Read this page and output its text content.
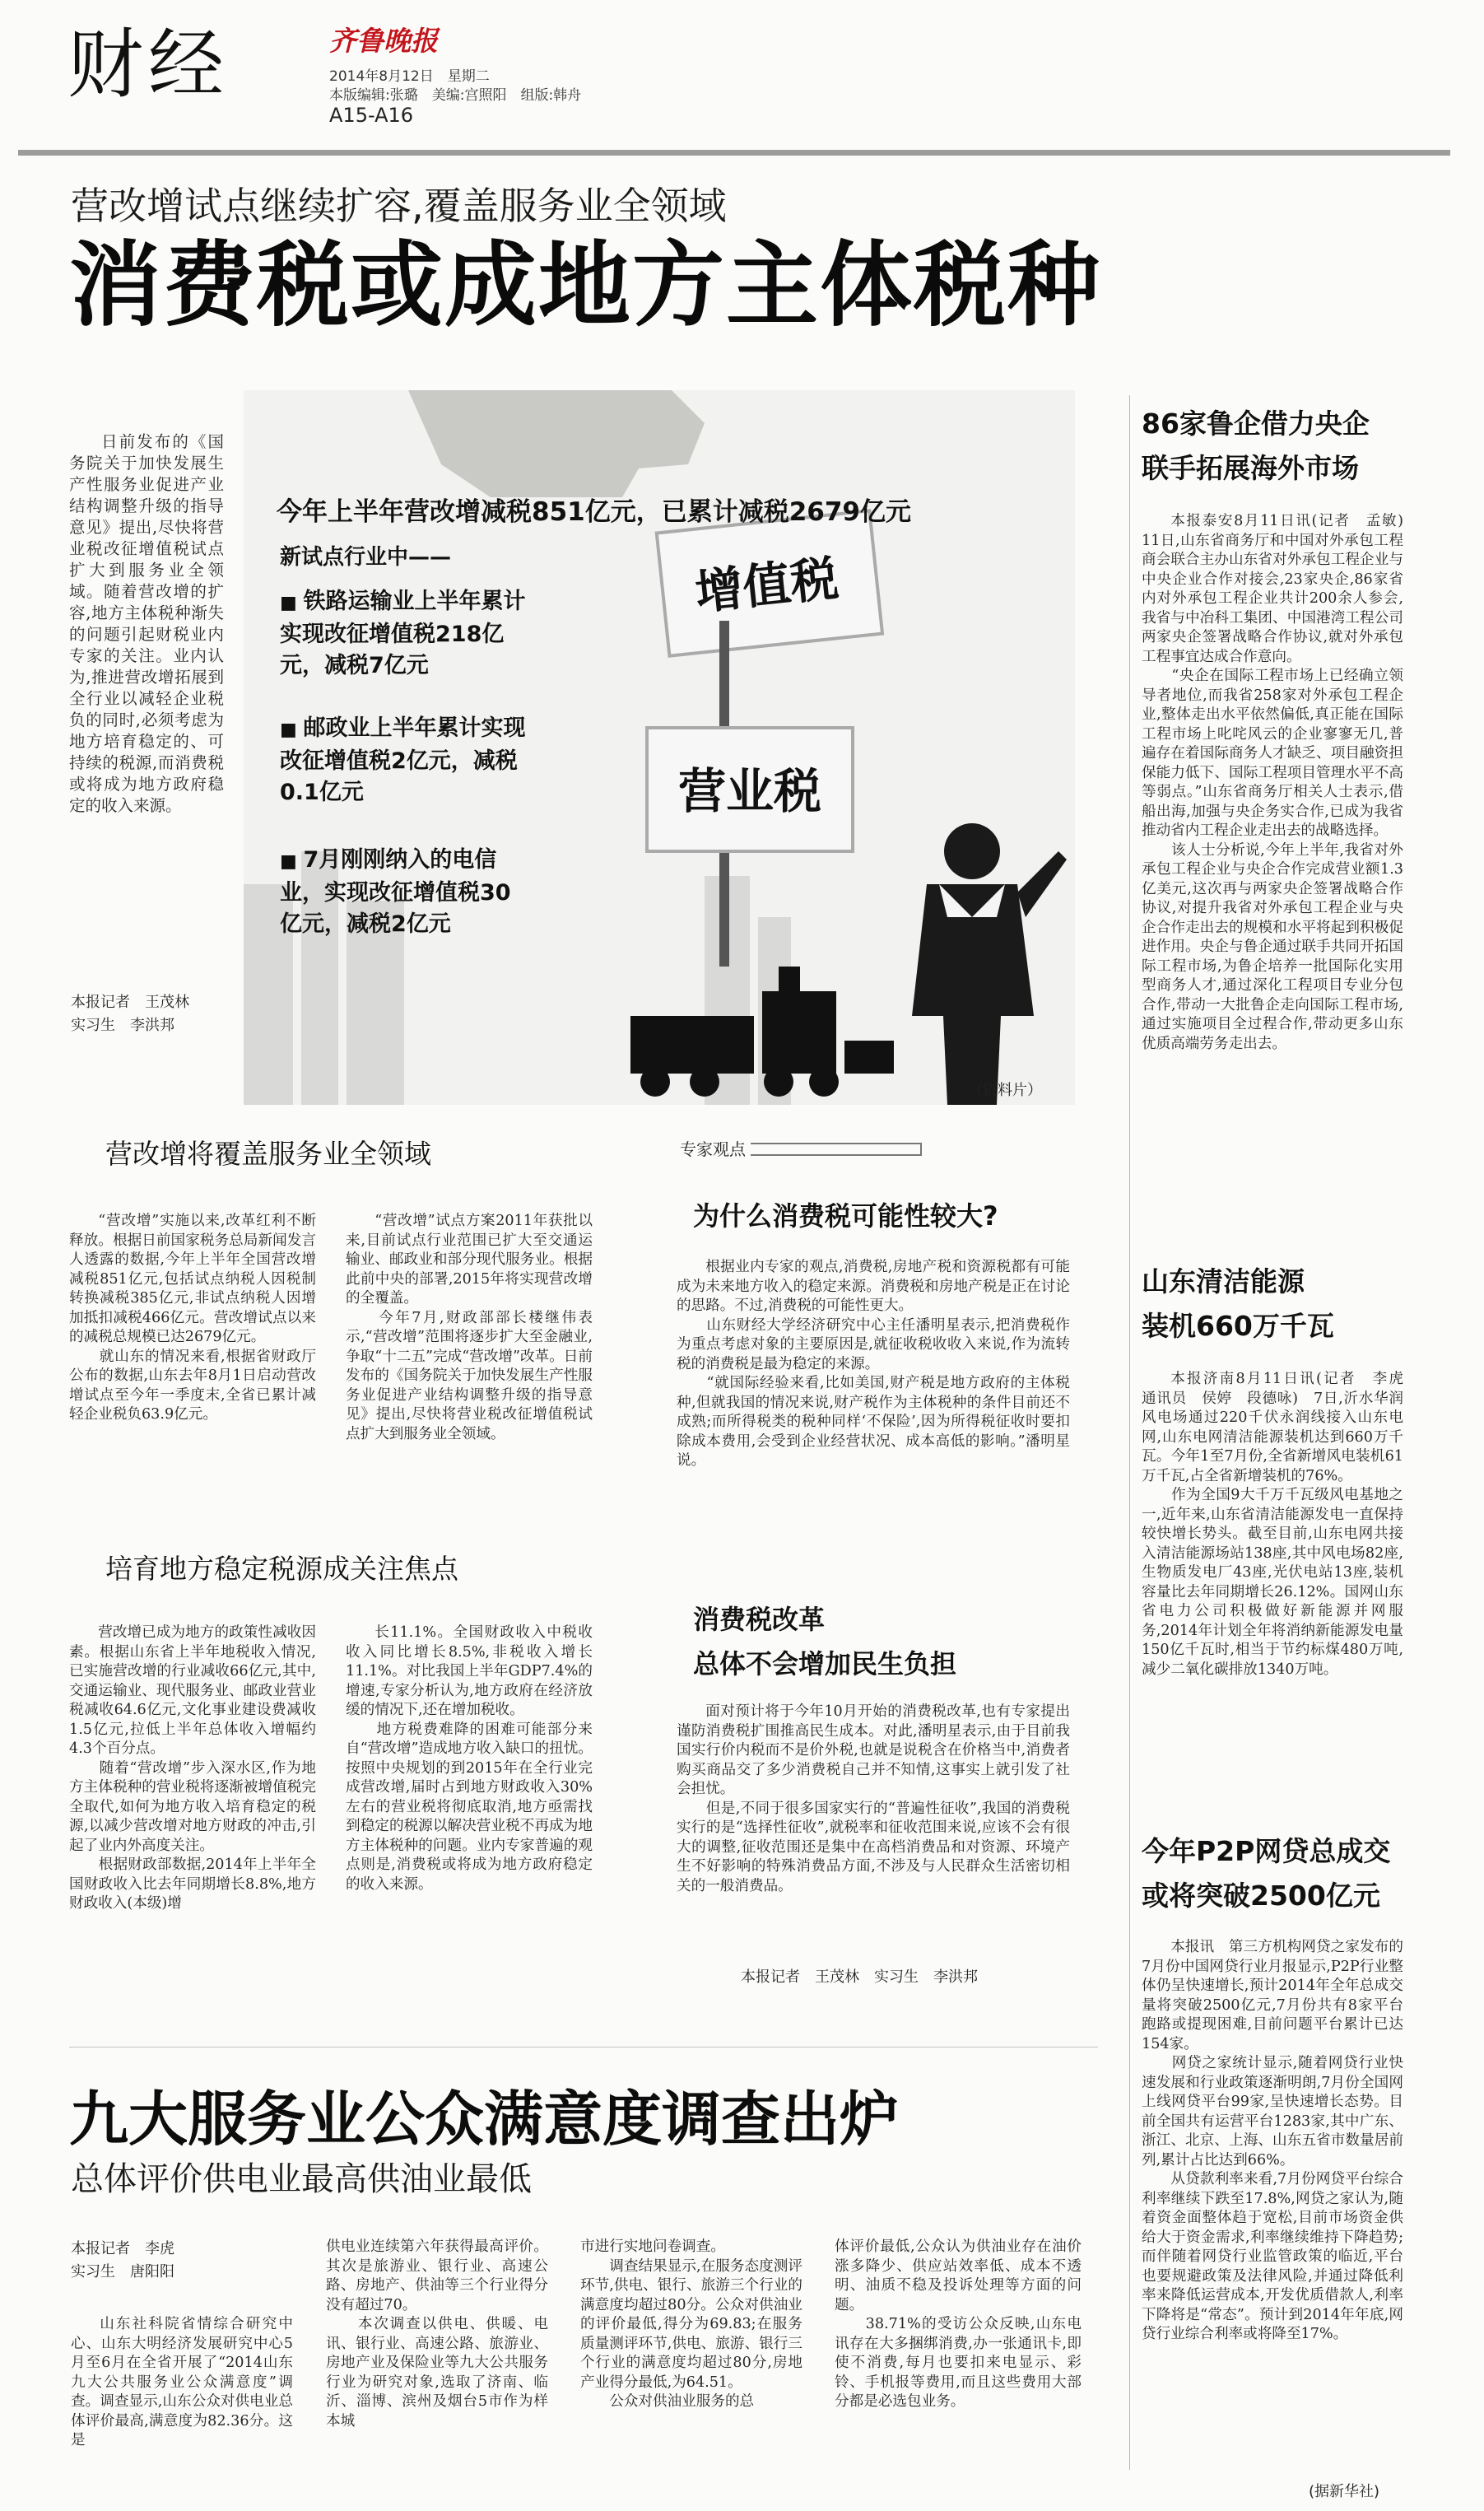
财经	齐鲁晚报
2014年8月12日　星期二
本版编辑:张璐　美编:宫照阳　组版:韩舟
A15-A16
营改增试点继续扩容,覆盖服务业全领域
消费税或成地方主体税种
日前发布的《国务院关于加快发展生产性服务业促进产业结构调整升级的指导意见》提出,尽快将营业税改征增值税试点扩大到服务业全领域。随着营改增的扩容,地方主体税种渐失的问题引起财税业内专家的关注。业内认为,推进营改增拓展到全行业以减轻企业税负的同时,必须考虑为地方培育稳定的、可持续的税源,而消费税或将成为地方政府稳定的收入来源。
本报记者　王茂林
实习生　李洪邦
今年上半年营改增减税851亿元，已累计减税2679亿元
新试点行业中——
■ 铁路运输业上半年累计实现改征增值税218亿元，减税7亿元
■ 邮政业上半年累计实现改征增值税2亿元，减税0.1亿元
■ 7月刚刚纳入的电信业，实现改征增值税30亿元，减税2亿元
增值税
营业税
（资料片）
营改增将覆盖服务业全领域
“营改增”实施以来,改革红利不断释放。根据日前国家税务总局新闻发言人透露的数据,今年上半年全国营改增减税851亿元,包括试点纳税人因税制转换减税385亿元,非试点纳税人因增加抵扣减税466亿元。营改增试点以来的减税总规模已达2679亿元。
　　就山东的情况来看,根据省财政厅公布的数据,山东去年8月1日启动营改增试点至今年一季度末,全省已累计减轻企业税负63.9亿元。
“营改增”试点方案2011年获批以来,目前试点行业范围已扩大至交通运输业、邮政业和部分现代服务业。根据此前中央的部署,2015年将实现营改增的全覆盖。
　　今年7月,财政部部长楼继伟表示,“营改增”范围将逐步扩大至金融业,争取“十二五”完成“营改增”改革。日前发布的《国务院关于加快发展生产性服务业促进产业结构调整升级的指导意见》提出,尽快将营业税改征增值税试点扩大到服务业全领域。
培育地方稳定税源成关注焦点
营改增已成为地方的政策性减收因素。根据山东省上半年地税收入情况,已实施营改增的行业减收66亿元,其中,交通运输业、现代服务业、邮政业营业税减收64.6亿元,文化事业建设费减收1.5亿元,拉低上半年总体收入增幅约4.3个百分点。
　　随着“营改增”步入深水区,作为地方主体税种的营业税将逐渐被增值税完全取代,如何为地方收入培育稳定的税源,以减少营改增对地方财政的冲击,引起了业内外高度关注。
　　根据财政部数据,2014年上半年全国财政收入比去年同期增长8.8%,地方财政收入(本级)增
长11.1%。全国财政收入中税收收入同比增长8.5%,非税收入增长11.1%。对比我国上半年GDP7.4%的增速,专家分析认为,地方政府在经济放缓的情况下,还在增加税收。
　　地方税费难降的困难可能部分来自“营改增”造成地方收入缺口的扭忧。按照中央规划的到2015年在全行业完成营改增,届时占到地方财政收入30%左右的营业税将彻底取消,地方亟需找到稳定的税源以解决营业税不再成为地方主体税种的问题。业内专家普遍的观点则是,消费税或将成为地方政府稳定的收入来源。
专家观点
为什么消费税可能性较大?
根据业内专家的观点,消费税,房地产税和资源税都有可能成为未来地方收入的稳定来源。消费税和房地产税是正在讨论的思路。不过,消费税的可能性更大。
　　山东财经大学经济研究中心主任潘明星表示,把消费税作为重点考虑对象的主要原因是,就征收税收收入来说,作为流转税的消费税是最为稳定的来源。
　　“就国际经验来看,比如美国,财产税是地方政府的主体税种,但就我国的情况来说,财产税作为主体税种的条件目前还不成熟;而所得税类的税种同样‘不保险’,因为所得税征收时要扣除成本费用,会受到企业经营状况、成本高低的影响。”潘明星说。
消费税改革
总体不会增加民生负担
面对预计将于今年10月开始的消费税改革,也有专家提出谨防消费税扩围推高民生成本。对此,潘明星表示,由于目前我国实行价内税而不是价外税,也就是说税含在价格当中,消费者购买商品交了多少消费税自己并不知情,这事实上就引发了社会担忧。
　　但是,不同于很多国家实行的“普遍性征收”,我国的消费税实行的是“选择性征收”,就税率和征收范围来说,应该不会有很大的调整,征收范围还是集中在高档消费品和对资源、环境产生不好影响的特殊消费品方面,不涉及与人民群众生活密切相关的一般消费品。
本报记者　王茂林　实习生　李洪邦
86家鲁企借力央企
联手拓展海外市场
本报泰安8月11日讯(记者　孟敏)　11日,山东省商务厅和中国对外承包工程商会联合主办山东省对外承包工程企业与中央企业合作对接会,23家央企,86家省内对外承包工程企业共计200余人参会,我省与中冶科工集团、中国港湾工程公司两家央企签署战略合作协议,就对外承包工程事宜达成合作意向。
　　“央企在国际工程市场上已经确立领导者地位,而我省258家对外承包工程企业,整体走出水平依然偏低,真正能在国际工程市场上叱咤风云的企业寥寥无几,普遍存在着国际商务人才缺乏、项目融资担保能力低下、国际工程项目管理水平不高等弱点。”山东省商务厅相关人士表示,借船出海,加强与央企务实合作,已成为我省推动省内工程企业走出去的战略选择。
　　该人士分析说,今年上半年,我省对外承包工程企业与央企合作完成营业额1.3亿美元,这次再与两家央企签署战略合作协议,对提升我省对外承包工程企业与央企合作走出去的规模和水平将起到积极促进作用。央企与鲁企通过联手共同开拓国际工程市场,为鲁企培养一批国际化实用型商务人才,通过深化工程项目专业分包合作,带动一大批鲁企走向国际工程市场,通过实施项目全过程合作,带动更多山东优质高端劳务走出去。
山东清洁能源
装机660万千瓦
本报济南8月11日讯(记者　李虎　通讯员　侯婷　段德咏)　7日,沂水华润风电场通过220千伏永润线接入山东电网,山东电网清洁能源装机达到660万千瓦。今年1至7月份,全省新增风电装机61万千瓦,占全省新增装机的76%。
　　作为全国9大千万千瓦级风电基地之一,近年来,山东省清洁能源发电一直保持较快增长势头。截至目前,山东电网共接入清洁能源场站138座,其中风电场82座,生物质发电厂43座,光伏电站13座,装机容量比去年同期增长26.12%。国网山东省电力公司积极做好新能源并网服务,2014年计划全年将消纳新能源发电量150亿千瓦时,相当于节约标煤480万吨,减少二氧化碳排放1340万吨。
今年P2P网贷总成交
或将突破2500亿元
本报讯　第三方机构网贷之家发布的7月份中国网贷行业月报显示,P2P行业整体仍呈快速增长,预计2014年全年总成交量将突破2500亿元,7月份共有8家平台跑路或提现困难,目前问题平台累计已达154家。
　　网贷之家统计显示,随着网贷行业快速发展和行业政策逐渐明朗,7月份全国网上线网贷平台99家,呈快速增长态势。目前全国共有运营平台1283家,其中广东、浙江、北京、上海、山东五省市数量居前列,累计占比达到66%。
　　从贷款利率来看,7月份网贷平台综合利率继续下跌至17.8%,网贷之家认为,随着资金面整体趋于宽松,目前市场资金供给大于资金需求,利率继续维持下降趋势;而伴随着网贷行业监管政策的临近,平台也要规避政策及法律风险,并通过降低利率来降低运营成本,开发优质借款人,利率下降将是“常态”。预计到2014年年底,网贷行业综合利率或将降至17%。
(据新华社)
九大服务业公众满意度调查出炉
总体评价供电业最高供油业最低
本报记者　李虎
实习生　唐阳阳
山东社科院省情综合研究中心、山东大明经济发展研究中心5月至6月在全省开展了“2014山东九大公共服务业公众满意度”调查。调查显示,山东公众对供电业总体评价最高,满意度为82.36分。这是
供电业连续第六年获得最高评价。其次是旅游业、银行业、高速公路、房地产、供油等三个行业得分没有超过70。
　　本次调查以供电、供暖、电讯、银行业、高速公路、旅游业、房地产业及保险业等九大公共服务行业为研究对象,选取了济南、临沂、淄博、滨州及烟台5市作为样本城
市进行实地问卷调查。
　　调查结果显示,在服务态度测评环节,供电、银行、旅游三个行业的满意度均超过80分。公众对供油业的评价最低,得分为69.83;在服务质量测评环节,供电、旅游、银行三个行业的满意度均超过80分,房地产业得分最低,为64.51。
　　公众对供油业服务的总
体评价最低,公众认为供油业存在油价涨多降少、供应站效率低、成本不透明、油质不稳及投诉处理等方面的问题。
　　38.71%的受访公众反映,山东电讯存在大多捆绑消费,办一张通讯卡,即使不消费,每月也要扣来电显示、彩铃、手机报等费用,而且这些费用大部分都是必选包业务。
